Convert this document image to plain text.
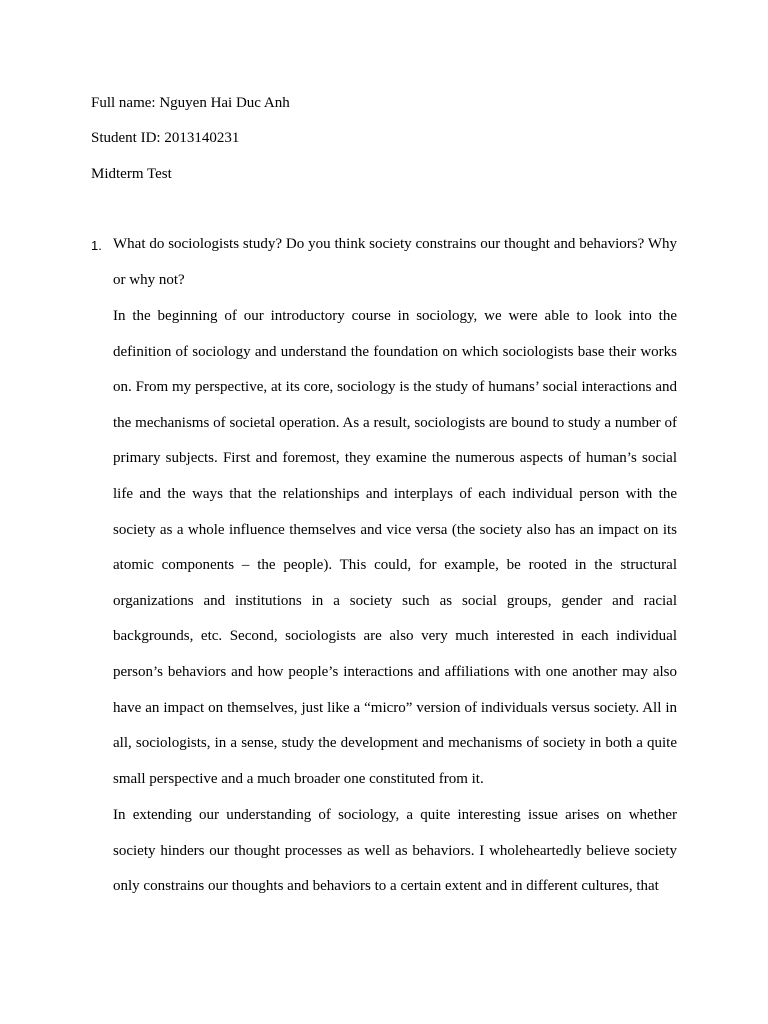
Full name: Nguyen Hai Duc Anh
Student ID: 2013140231
Midterm Test
1. What do sociologists study? Do you think society constrains our thought and behaviors? Why or why not?

In the beginning of our introductory course in sociology, we were able to look into the definition of sociology and understand the foundation on which sociologists base their works on. From my perspective, at its core, sociology is the study of humans’ social interactions and the mechanisms of societal operation. As a result, sociologists are bound to study a number of primary subjects. First and foremost, they examine the numerous aspects of human’s social life and the ways that the relationships and interplays of each individual person with the society as a whole influence themselves and vice versa (the society also has an impact on its atomic components – the people). This could, for example, be rooted in the structural organizations and institutions in a society such as social groups, gender and racial backgrounds, etc. Second, sociologists are also very much interested in each individual person’s behaviors and how people’s interactions and affiliations with one another may also have an impact on themselves, just like a “micro” version of individuals versus society. All in all, sociologists, in a sense, study the development and mechanisms of society in both a quite small perspective and a much broader one constituted from it.

In extending our understanding of sociology, a quite interesting issue arises on whether society hinders our thought processes as well as behaviors. I wholeheartedly believe society only constrains our thoughts and behaviors to a certain extent and in different cultures, that
